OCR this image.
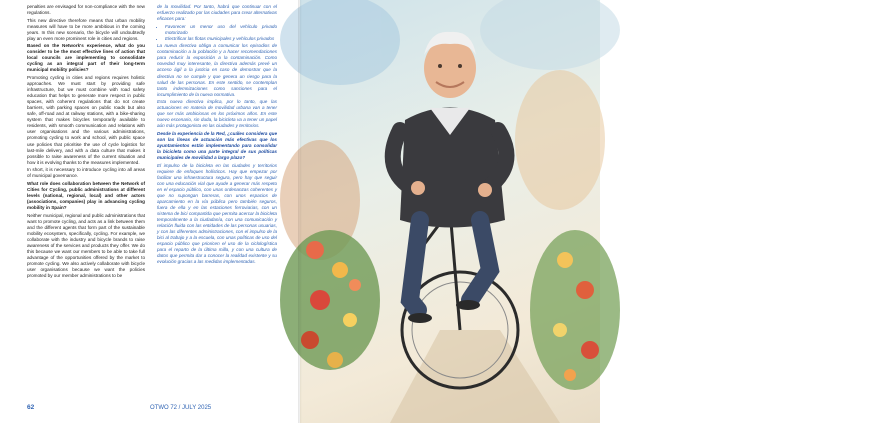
penalties are envisaged for non-compliance with the new regulations.

This new directive therefore means that urban mobility measures will have to be more ambitious in the coming years. In this new scenario, the bicycle will undoubtedly play an even more prominent role in cities and regions.

Based on the Network's experience, what do you consider to be the most effective lines of action that local councils are implementing to consolidate cycling as an integral part of their long-term municipal mobility policies?

Promoting cycling in cities and regions requires holistic approaches. We must start by providing safe infrastructure, but we must combine with road safety education that helps to generate more respect in public spaces, with coherent regulations that do not create barriers, with parking spaces on public roads but also safe, off-road and at railway stations, with a bike-sharing system that makes bicycles temporarily available to residents, with smooth communication and relations with user organisations and the various administrations, promoting cycling to work and school, with public space use policies that prioritise the use of cycle logistics for last-mile delivery, and with a data culture that makes it possible to raise awareness of the current situation and how it is evolving thanks to the measures implemented.

In short, it is necessary to introduce cycling into all areas of municipal governance.

What role does collaboration between the Network of Cities for Cycling, public administrations at different levels (national, regional, local) and other actors (associations, companies) play in advancing cycling mobility in Spain?

Neither municipal, regional and public administrations that want to promote cycling, and acts as a link between them and the different agents that form part of the sustainable mobility ecosystem, specifically, cycling. For example, we collaborate with the industry and bicycle brands to raise awareness of the services and products they offer. We do this because we want our members to be able to take full advantage of the opportunities offered by the market to promote cycling. We also actively collaborate with bicycle user organisations because we want the policies promoted by our member administrations to be

de la movilidad. Por tanto, habrá que continuar con el esfuerzo realizado por las ciudades para crear alternativas eficaces para:

• Favorecer un menor uso del vehículo privado motorizado
• Electrificar las flotas municipales y vehículos privados

La nueva directiva obliga a comunicar los episodios de contaminación a la población y a hacer recomendaciones para reducir la exposición a la contaminación. Como novedad muy interesante, la directiva además prevé un acceso ágil a la justicia en caso de demostrar que la directiva no se cumple y que genera un riesgo para la salud de las personas. En este sentido, se contemplan tanto indemnizaciones como sanciones para el incumplimiento de la nueva normativa.

Esta nueva directiva implica, por lo tanto, que las actuaciones en materia de movilidad urbana van a tener que ser más ambiciosas en los próximos años. En este nuevo escenario, sin duda, la bicicleta va a tener un papel aún más protagonista en las ciudades y territorios.

Desde la experiencia de la Red, ¿cuáles considera que son las líneas de actuación más efectivas que los ayuntamientos están implementando para consolidar la bicicleta como una parte integral de sus políticas municipales de movilidad a largo plazo?

El impulso de la bicicleta en las ciudades y territorios requiere de enfoques holísticos. Hay que empezar por facilitar una infraestructura segura, pero hay que seguir con una educación vial que ayude a generar más respeto en el espacio público, con unas ordenanzas coherentes y que no supongan barreras, con unos espacios de aparcamiento en la vía pública pero también seguros, fuera de ella y en las estaciones ferroviarias, con un sistema de bici compartida que permita acercar la bicicleta temporalmente a la ciudadanía, con una comunicación y relación fluida con las entidades de las personas usuarias, y con las diferentes administraciones, con el impulso de la bici al trabajo y a la escuela, con unas políticas de uso del espacio público que prioricen el uso de la ciclologística para el reparto de la última milla, y con una cultura de datos que permita dar a conocer la realidad existente y su evolución gracias a las medidas implementadas.

62	OTWO 72 / JULY 2025
OTWO 72 / JULY 2025	63
